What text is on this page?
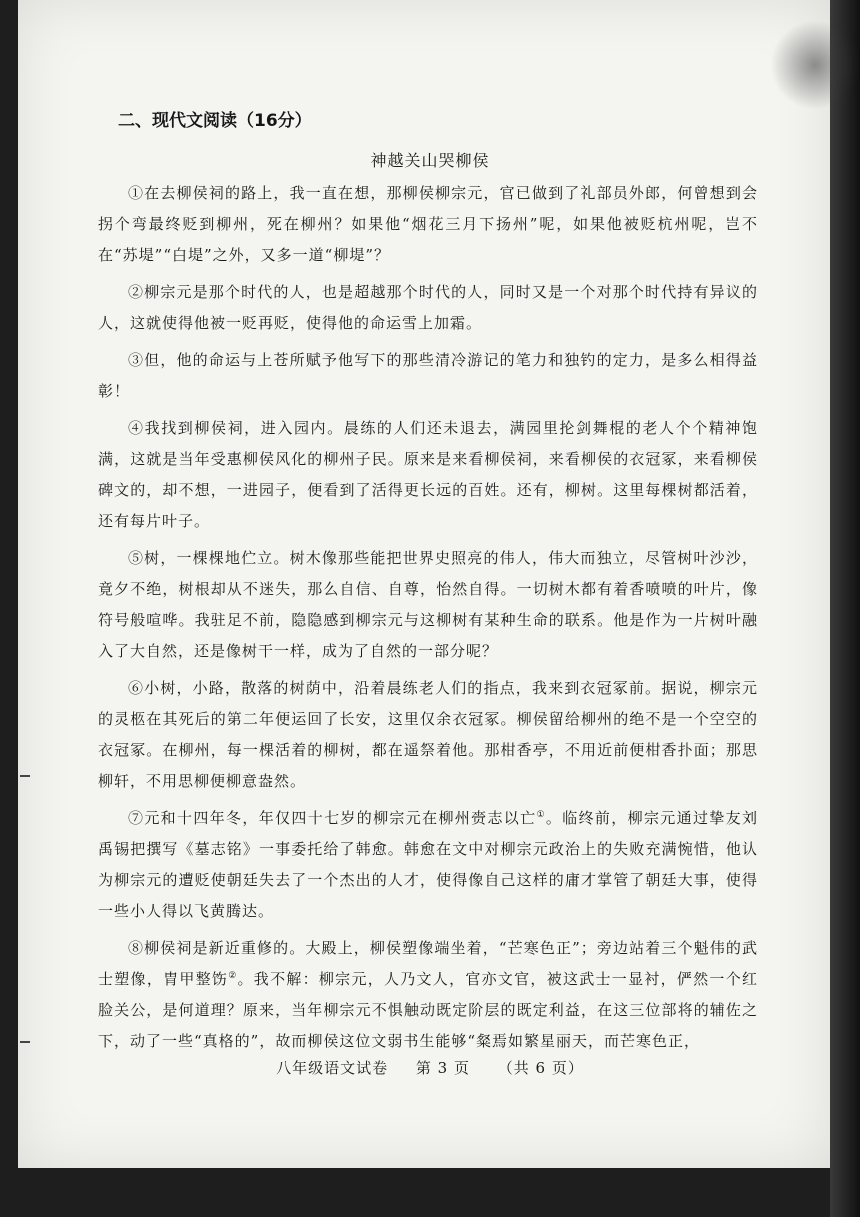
二、现代文阅读（16分）
神越关山哭柳侯

①在去柳侯祠的路上，我一直在想，那柳侯柳宗元，官已做到了礼部员外郎，何曾想到会拐个弯最终贬到柳州，死在柳州？如果他“烟花三月下扬州”呢，如果他被贬杭州呢，岂不在“苏堤”“白堤”之外，又多一道“柳堤”？

②柳宗元是那个时代的人，也是超越那个时代的人，同时又是一个对那个时代持有异议的人，这就使得他被一贬再贬，使得他的命运雪上加霜。

③但，他的命运与上苍所赋予他写下的那些清冷游记的笔力和独钓的定力，是多么相得益彰！

④我找到柳侯祠，进入园内。晨练的人们还未退去，满园里抡剑舞棍的老人个个精神饱满，这就是当年受惠柳侯风化的柳州子民。原来是来看柳侯祠，来看柳侯的衣冠冢，来看柳侯碑文的，却不想，一进园子，便看到了活得更长远的百姓。还有，柳树。这里每棵树都活着，还有每片叶子。

⑤树，一棵棵地伫立。树木像那些能把世界史照亮的伟人，伟大而独立，尽管树叶沙沙，竟夕不绝，树根却从不迷失，那么自信、自尊，怡然自得。一切树木都有着香喷喷的叶片，像符号般喧哗。我驻足不前，隐隐感到柳宗元与这柳树有某种生命的联系。他是作为一片树叶融入了大自然，还是像树干一样，成为了自然的一部分呢？

⑥小树，小路，散落的树荫中，沿着晨练老人们的指点，我来到衣冠冢前。据说，柳宗元的灵柩在其死后的第二年便运回了长安，这里仅余衣冠冢。柳侯留给柳州的绝不是一个空空的衣冠冢。在柳州，每一棵活着的柳树，都在遥祭着他。那柑香亭，不用近前便柑香扑面；那思柳轩，不用思柳便柳意盎然。

⑦元和十四年冬，年仅四十七岁的柳宗元在柳州赍志以亡①。临终前，柳宗元通过挚友刘禹锡把撰写《墓志铭》一事委托给了韩愈。韩愈在文中对柳宗元政治上的失败充满惋惜，他认为柳宗元的遭贬使朝廷失去了一个杰出的人才，使得像自己这样的庸才掌管了朝廷大事，使得一些小人得以飞黄腾达。

⑧柳侯祠是新近重修的。大殿上，柳侯塑像端坐着，“芒寒色正”；旁边站着三个魁伟的武士塑像，胄甲整饬②。我不解：柳宗元，人乃文人，官亦文官，被这武士一显衬，俨然一个红脸关公，是何道理？原来，当年柳宗元不惧触动既定阶层的既定利益，在这三位部将的辅佐之下，动了一些“真格的”，故而柳侯这位文弱书生能够“粲焉如繁星丽天，而芒寒色正，

八年级语文试卷 第 3 页 （共 6 页）
